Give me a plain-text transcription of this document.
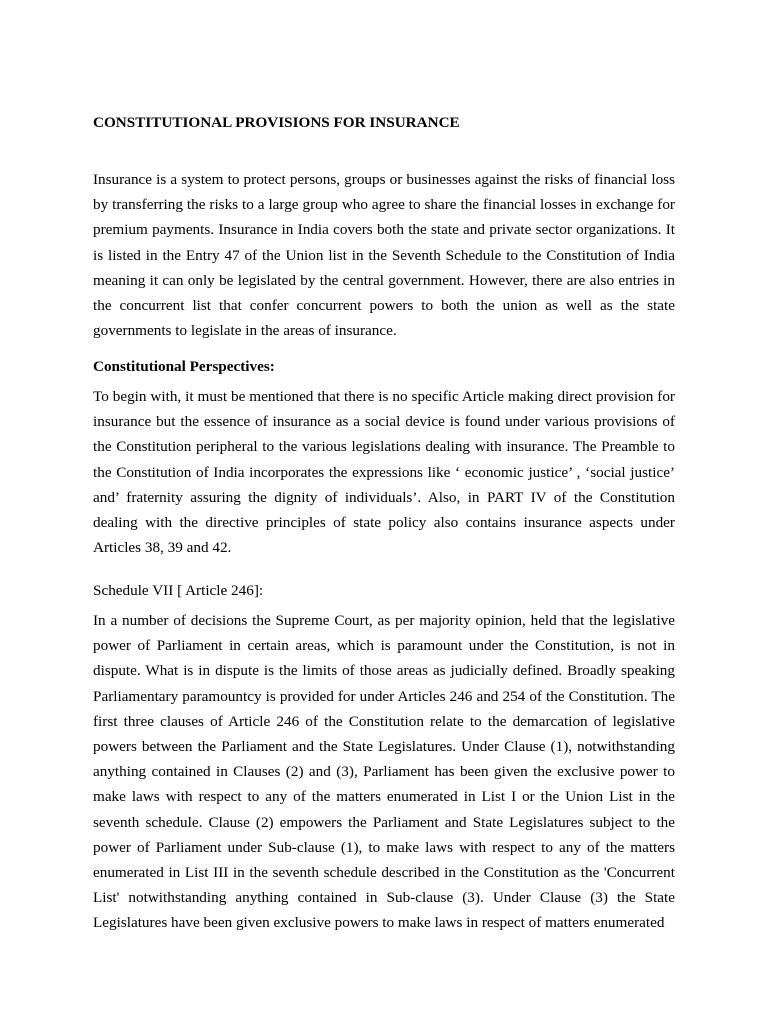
CONSTITUTIONAL PROVISIONS FOR INSURANCE

Insurance is a system to protect persons, groups or businesses against the risks of financial loss by transferring the risks to a large group who agree to share the financial losses in exchange for premium payments. Insurance in India covers both the state and private sector organizations. It is listed in the Entry 47 of the Union list in the Seventh Schedule to the Constitution of India meaning it can only be legislated by the central government. However, there are also entries in the concurrent list that confer concurrent powers to both the union as well as the state governments to legislate in the areas of insurance.

Constitutional Perspectives:

To begin with, it must be mentioned that there is no specific Article making direct provision for insurance but the essence of insurance as a social device is found under various provisions of the Constitution peripheral to the various legislations dealing with insurance. The Preamble to the Constitution of India incorporates the expressions like ‘ economic justice’ , ‘social justice’ and’ fraternity assuring the dignity of individuals’. Also, in PART IV of the Constitution dealing with the directive principles of state policy also contains insurance aspects under Articles 38, 39 and 42.

Schedule VII [ Article 246]:

In a number of decisions the Supreme Court, as per majority opinion, held that the legislative power of Parliament in certain areas, which is paramount under the Constitution, is not in dispute. What is in dispute is the limits of those areas as judicially defined. Broadly speaking Parliamentary paramountcy is provided for under Articles 246 and 254 of the Constitution. The first three clauses of Article 246 of the Constitution relate to the demarcation of legislative powers between the Parliament and the State Legislatures. Under Clause (1), notwithstanding anything contained in Clauses (2) and (3), Parliament has been given the exclusive power to make laws with respect to any of the matters enumerated in List I or the Union List in the seventh schedule. Clause (2) empowers the Parliament and State Legislatures subject to the power of Parliament under Sub-clause (1), to make laws with respect to any of the matters enumerated in List III in the seventh schedule described in the Constitution as the 'Concurrent List' notwithstanding anything contained in Sub-clause (3). Under Clause (3) the State Legislatures have been given exclusive powers to make laws in respect of matters enumerated
